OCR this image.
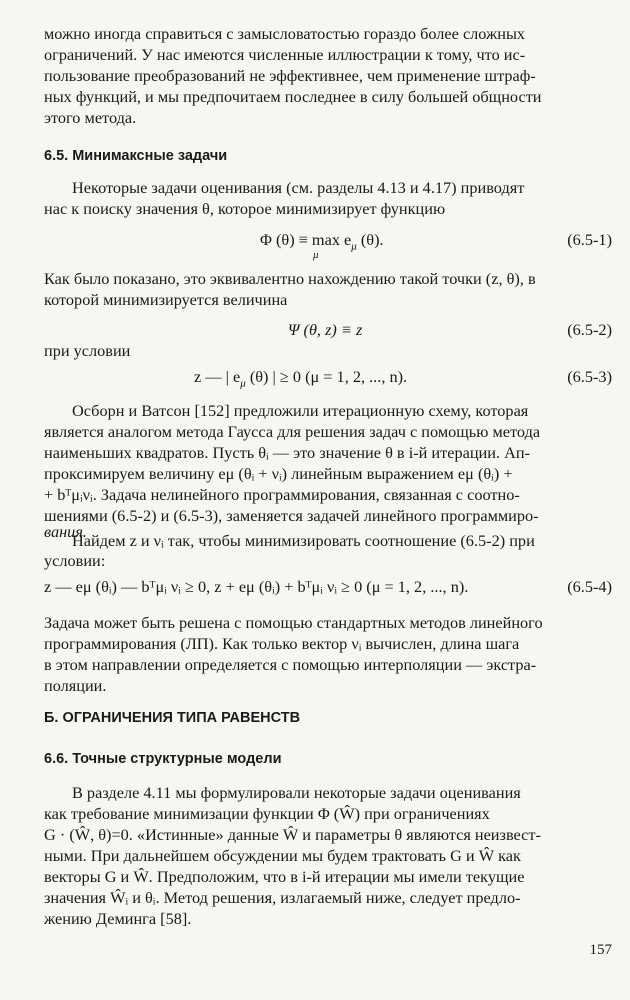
можно иногда справиться с замысловатостью гораздо более сложных
ограничений. У нас имеются численные иллюстрации к тому, что ис-
пользование преобразований не эффективнее, чем применение штраф-
ных функций, и мы предпочитаем последнее в силу большей общности
этого метода.
6.5. Минимаксные задачи
Некоторые задачи оценивания (см. разделы 4.13 и 4.17) приводят
нас к поиску значения θ, которое минимизирует функцию
Φ $(\theta) \equiv \max e_\mu$ (θ).
μ
(6.5-1)
Как было показано, это эквивалентно нахождению такой точки (z, θ), в
которой минимизируется величина
Ψ (θ, z) ≡ z	(6.5-2)
при условии
z — | $e_\mu$ (θ) | ≥ 0 (μ = 1, 2, ..., n).	(6.5-3)
Осборн и Ватсон [152] предложили итерационную схему, которая
является аналогом метода Гаусса для решения задач с помощью метода
наименьших квадратов. Пусть θᵢ — это значение θ в i-й итерации. Ап-
проксимируем величину eμ (θᵢ + νᵢ) линейным выражением eμ (θᵢ) +
+ bᵀμᵢνᵢ. Задача нелинейного программирования, связанная с соотно-
шениями (6.5-2) и (6.5-3), заменяется задачей линейного программиро-
вания.
Найдем z и νᵢ так, чтобы минимизировать соотношение (6.5-2) при
условии:
z — eμ (θᵢ) — bᵀμᵢ νᵢ ≥ 0, z + eμ (θᵢ) + bᵀμᵢ νᵢ ≥ 0 (μ = 1, 2, ..., n).	(6.5-4)
Задача может быть решена с помощью стандартных методов линейного
программирования (ЛП). Как только вектор νᵢ вычислен, длина шага
в этом направлении определяется с помощью интерполяции — экстра-
поляции.
Б. ОГРАНИЧЕНИЯ ТИПА РАВЕНСТВ
6.6. Точные структурные модели
В разделе 4.11 мы формулировали некоторые задачи оценивания
как требование минимизации функции Φ (Ŵ) при ограничениях
G · (Ŵ, θ)=0. «Истинные» данные Ŵ и параметры θ являются неизвест-
ными. При дальнейшем обсуждении мы будем трактовать G и Ŵ как
векторы G и Ŵ. Предположим, что в i-й итерации мы имели текущие
значения Ŵᵢ и θᵢ. Метод решения, излагаемый ниже, следует предло-
жению Деминга [58].
157
